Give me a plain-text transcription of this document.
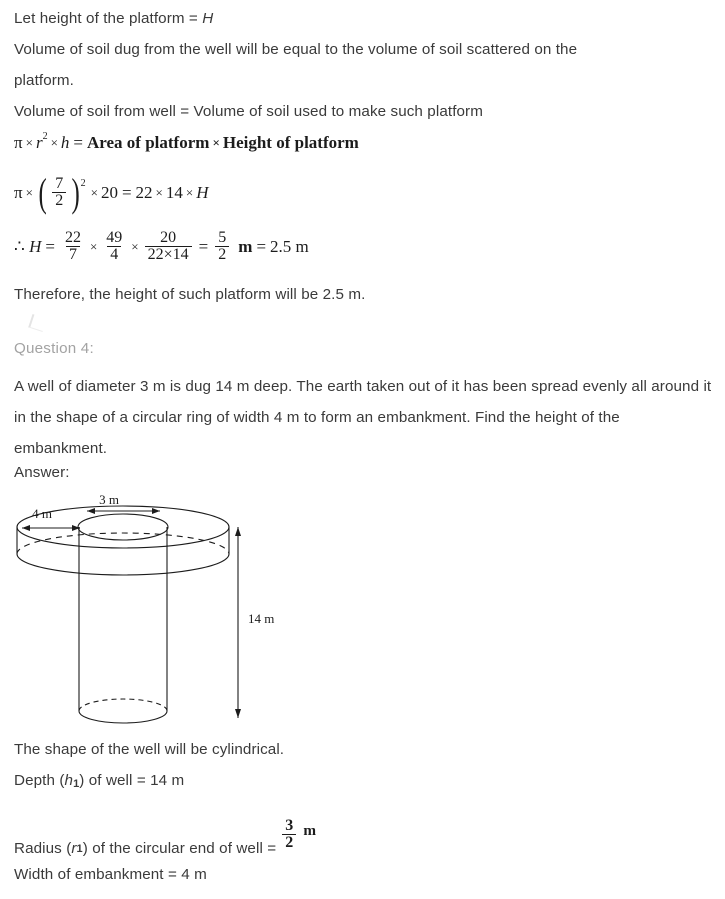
Let height of the platform = H
Volume of soil dug from the well will be equal to the volume of soil scattered on the
platform.
Volume of soil from well = Volume of soil used to make such platform
π × r 2 × h = Area of platform × Height of platform
π × ( $\frac{7}{2}$ ) 2
× 20 = 22 × 14 × H
∴
$H = \frac{22}{7} \times \frac{49}{4} \times \frac{20}{22\times 14} = \frac{5}{2}$ m = 2.5 m
Therefore, the height of such platform will be 2.5 m.
Question 4:
A well of diameter 3 m is dug 14 m deep. The earth taken out of it has been spread evenly all around it in the shape of a circular ring of width 4 m to form an embankment. Find the height of the embankment.
Answer:
3 m
4 m
14 m
The shape of the well will be cylindrical.
Depth (h1) of well = 14 m
Radius ( r 1 ) of the circular end of well = $\frac{3}{2}$ m
Width of embankment = 4 m
